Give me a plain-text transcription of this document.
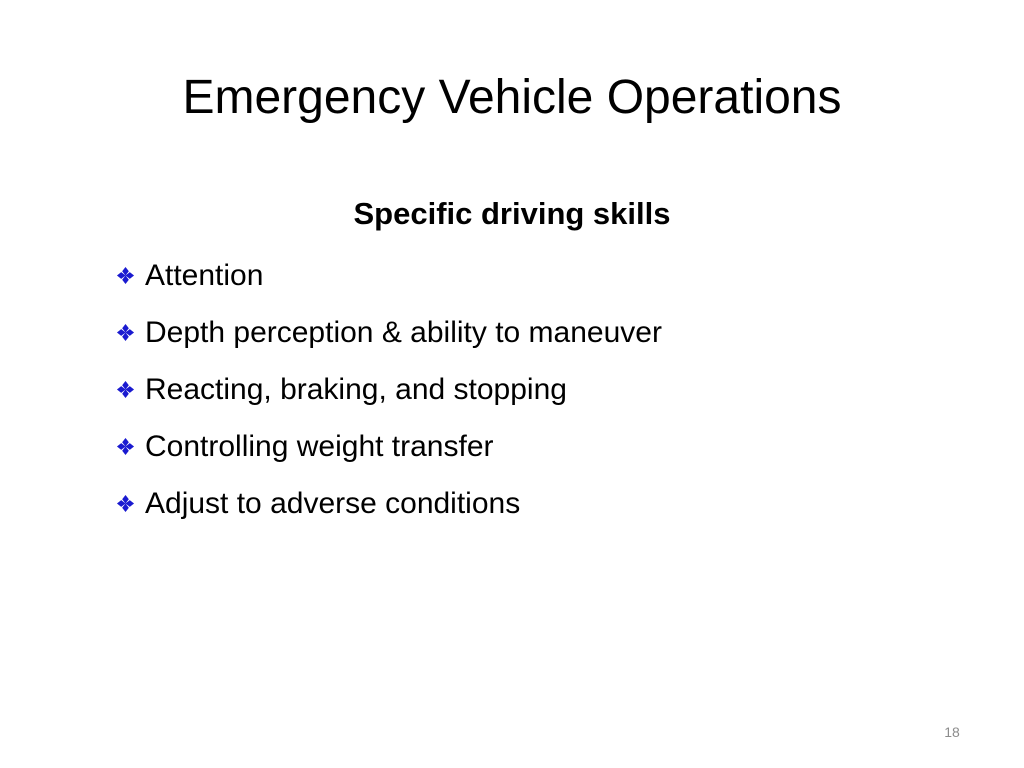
Emergency Vehicle Operations
Specific driving skills
Attention
Depth perception & ability to maneuver
Reacting, braking, and stopping
Controlling weight transfer
Adjust to adverse conditions
18
